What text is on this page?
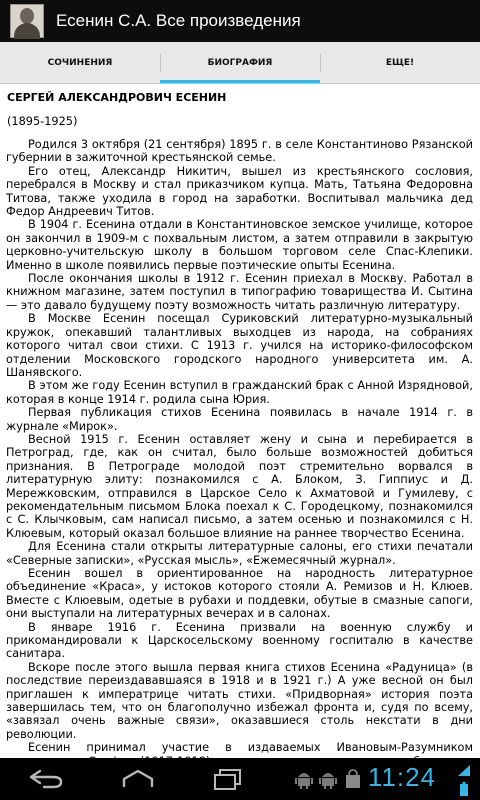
Есенин С.А. Все произведения
СОЧИНЕНИЯ	БИОГРАФИЯ	ЕЩЕ!
СЕРГЕЙ АЛЕКСАНДРОВИЧ ЕСЕНИН
(1895-1925)

Родился 3 октября (21 сентября) 1895 г. в селе Константиново Рязанской губернии в зажиточной крестьянской семье.

Его отец, Александр Никитич, вышел из крестьянского сословия, перебрался в Москву и стал приказчиком купца. Мать, Татьяна Федоровна Титова, также уходила в город на заработки. Воспитывал мальчика дед Федор Андреевич Титов.

В 1904 г. Есенина отдали в Константиновское земское училище, которое он закончил в 1909-м с похвальным листом, а затем отправили в закрытую церковно-учительскую школу в большом торговом селе Спас-Клепики. Именно в школе появились первые поэтические опыты Есенина.

После окончания школы в 1912 г. Есенин приехал в Москву. Работал в книжном магазине, затем поступил в типографию товарищества И. Сытина — это давало будущему поэту возможность читать различную литературу.

В Москве Есенин посещал Суриковский литературно-музыкальный кружок, опекавший талантливых выходцев из народа, на собраниях которого читал свои стихи. С 1913 г. учился на историко-философском отделении Московского городского народного университета им. А. Шанявского.

В этом же году Есенин вступил в гражданский брак с Анной Изрядновой, которая в конце 1914 г. родила сына Юрия.

Первая публикация стихов Есенина появилась в начале 1914 г. в журнале «Мирок».

Весной 1915 г. Есенин оставляет жену и сына и перебирается в Петроград, где, как он считал, было больше возможностей добиться признания. В Петрограде молодой поэт стремительно ворвался в литературную элиту: познакомился с А. Блоком, З. Гиппиус и Д. Мережковским, отправился в Царское Село к Ахматовой и Гумилеву, с рекомендательным письмом Блока поехал к С. Городецкому, познакомился с С. Клычковым, сам написал письмо, а затем осенью и познакомился с Н. Клюевым, который оказал большое влияние на раннее творчество Есенина.

Для Есенина стали открыты литературные салоны, его стихи печатали «Северные записки», «Русская мысль», «Ежемесячный журнал».

Есенин вошел в ориентированное на народность литературное объединение «Краса», у истоков которого стояли А. Ремизов и Н. Клюев. Вместе с Клюевым, одетые в рубахи и поддевки, обутые в смазные сапоги, они выступали на литературных вечерах и в салонах.

В январе 1916 г. Есенина призвали на военную службу и прикомандировали к Царскосельскому военному госпиталю в качестве санитара.

Вскоре после этого вышла первая книга стихов Есенина «Радуница» (в последствие переиздававшаяся в 1918 и в 1921 г.) А уже весной он был приглашен к императрице читать стихи. «Придворная» история поэта завершилась тем, что он благополучно избежал фронта и, судя по всему, «завязал очень важные связи», оказавшиеся столь некстати в дни революции.

Есенин принимал участие в издаваемых Ивановым-Разумником

11:24
